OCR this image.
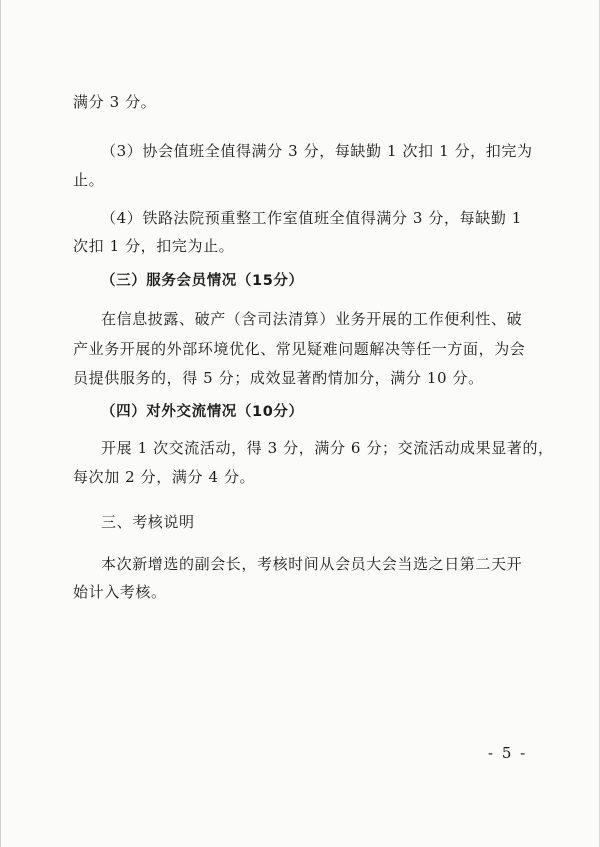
满分 3 分。
（3）协会值班全值得满分 3 分，每缺勤 1 次扣 1 分，扣完为
止。
（4）铁路法院预重整工作室值班全值得满分 3 分，每缺勤 1
次扣 1 分，扣完为止。
（三）服务会员情况（15分）
在信息披露、破产（含司法清算）业务开展的工作便利性、破
产业务开展的外部环境优化、常见疑难问题解决等任一方面，为会
员提供服务的，得 5 分；成效显著酌情加分，满分 10 分。
（四）对外交流情况（10分）
开展 1 次交流活动，得 3 分，满分 6 分；交流活动成果显著的，
每次加 2 分，满分 4 分。
三、考核说明
本次新增选的副会长，考核时间从会员大会当选之日第二天开
始计入考核。
- 5 -
